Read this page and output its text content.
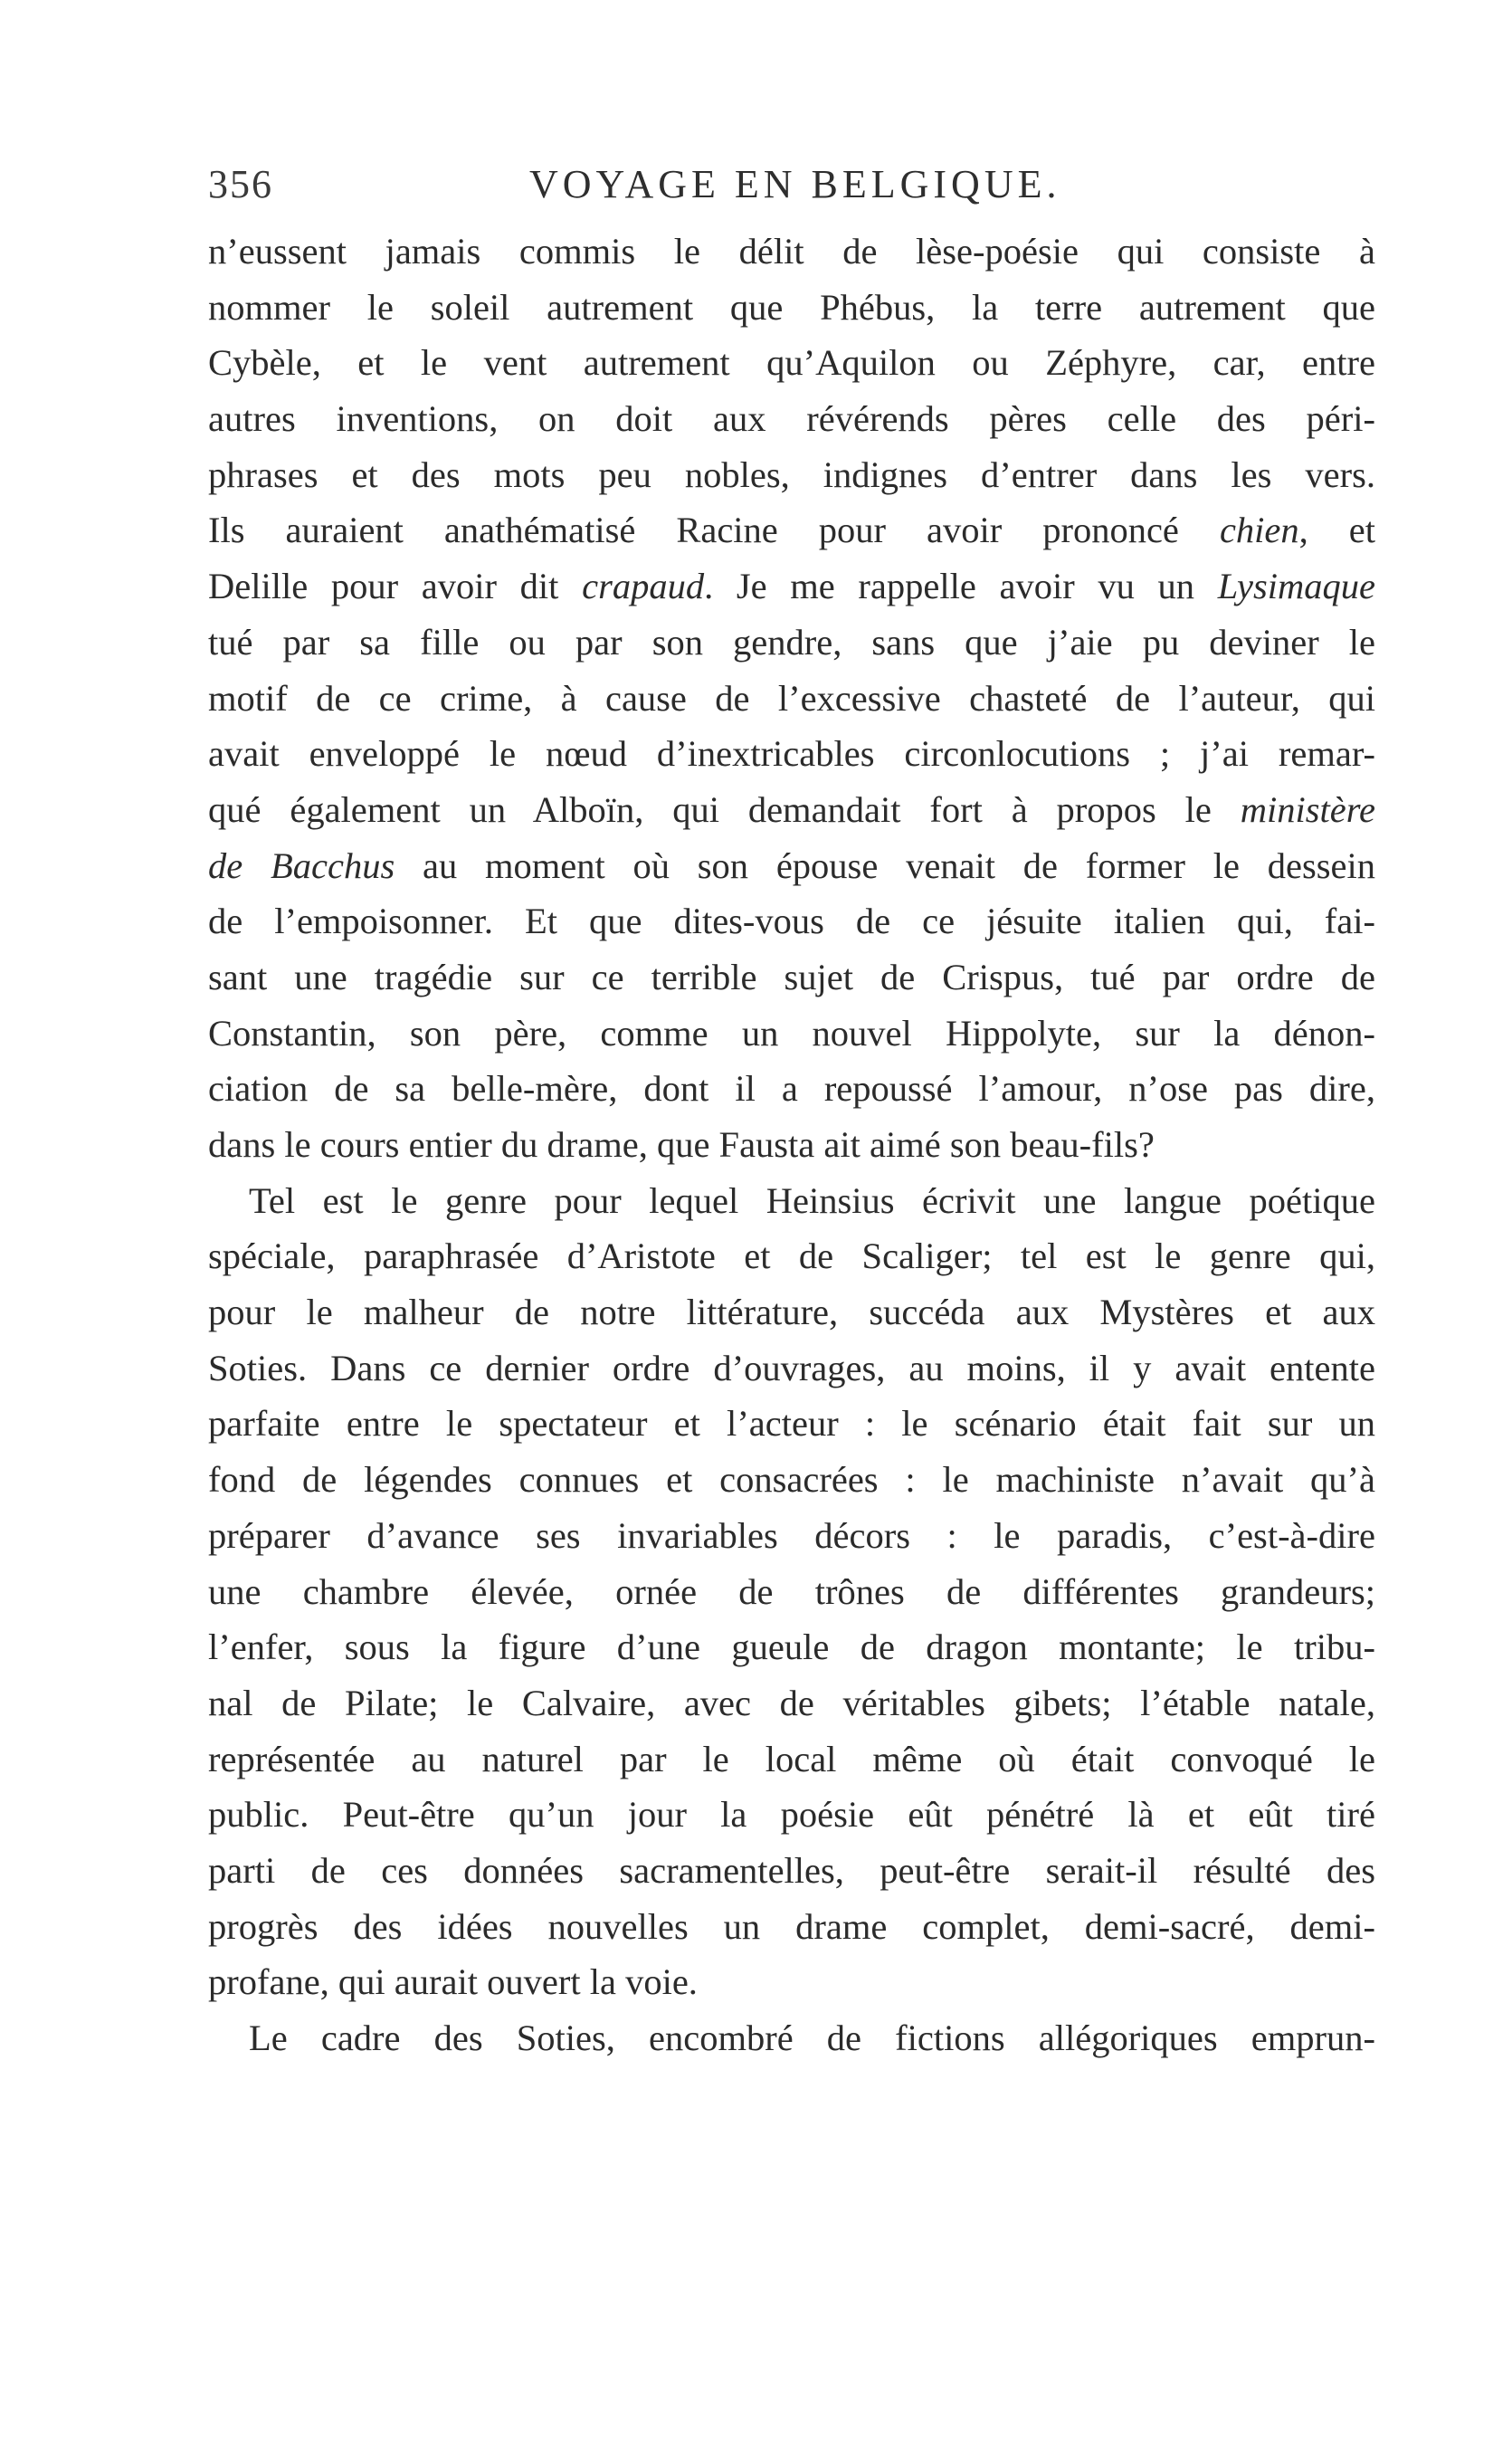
356	VOYAGE EN BELGIQUE.
n’eussent jamais commis le délit de lèse-poésie qui consiste à
nommer le soleil autrement que Phébus, la terre autrement que
Cybèle, et le vent autrement qu’Aquilon ou Zéphyre, car, entre
autres inventions, on doit aux révérends pères celle des péri-
phrases et des mots peu nobles, indignes d’entrer dans les vers.
Ils auraient anathématisé Racine pour avoir prononcé chien, et
Delille pour avoir dit crapaud. Je me rappelle avoir vu un Lysimaque
tué par sa fille ou par son gendre, sans que j’aie pu deviner le
motif de ce crime, à cause de l’excessive chasteté de l’auteur, qui
avait enveloppé le nœud d’inextricables circonlocutions ; j’ai remar-
qué également un Alboïn, qui demandait fort à propos le ministère
de Bacchus au moment où son épouse venait de former le dessein
de l’empoisonner. Et que dites-vous de ce jésuite italien qui, fai-
sant une tragédie sur ce terrible sujet de Crispus, tué par ordre de
Constantin, son père, comme un nouvel Hippolyte, sur la dénon-
ciation de sa belle-mère, dont il a repoussé l’amour, n’ose pas dire,
dans le cours entier du drame, que Fausta ait aimé son beau-fils?
Tel est le genre pour lequel Heinsius écrivit une langue poétique
spéciale, paraphrasée d’Aristote et de Scaliger; tel est le genre qui,
pour le malheur de notre littérature, succéda aux Mystères et aux
Soties. Dans ce dernier ordre d’ouvrages, au moins, il y avait entente
parfaite entre le spectateur et l’acteur : le scénario était fait sur un
fond de légendes connues et consacrées : le machiniste n’avait qu’à
préparer d’avance ses invariables décors : le paradis, c’est-à-dire
une chambre élevée, ornée de trônes de différentes grandeurs;
l’enfer, sous la figure d’une gueule de dragon montante; le tribu-
nal de Pilate; le Calvaire, avec de véritables gibets; l’étable natale,
représentée au naturel par le local même où était convoqué le
public. Peut-être qu’un jour la poésie eût pénétré là et eût tiré
parti de ces données sacramentelles, peut-être serait-il résulté des
progrès des idées nouvelles un drame complet, demi-sacré, demi-
profane, qui aurait ouvert la voie.
Le cadre des Soties, encombré de fictions allégoriques emprun-
